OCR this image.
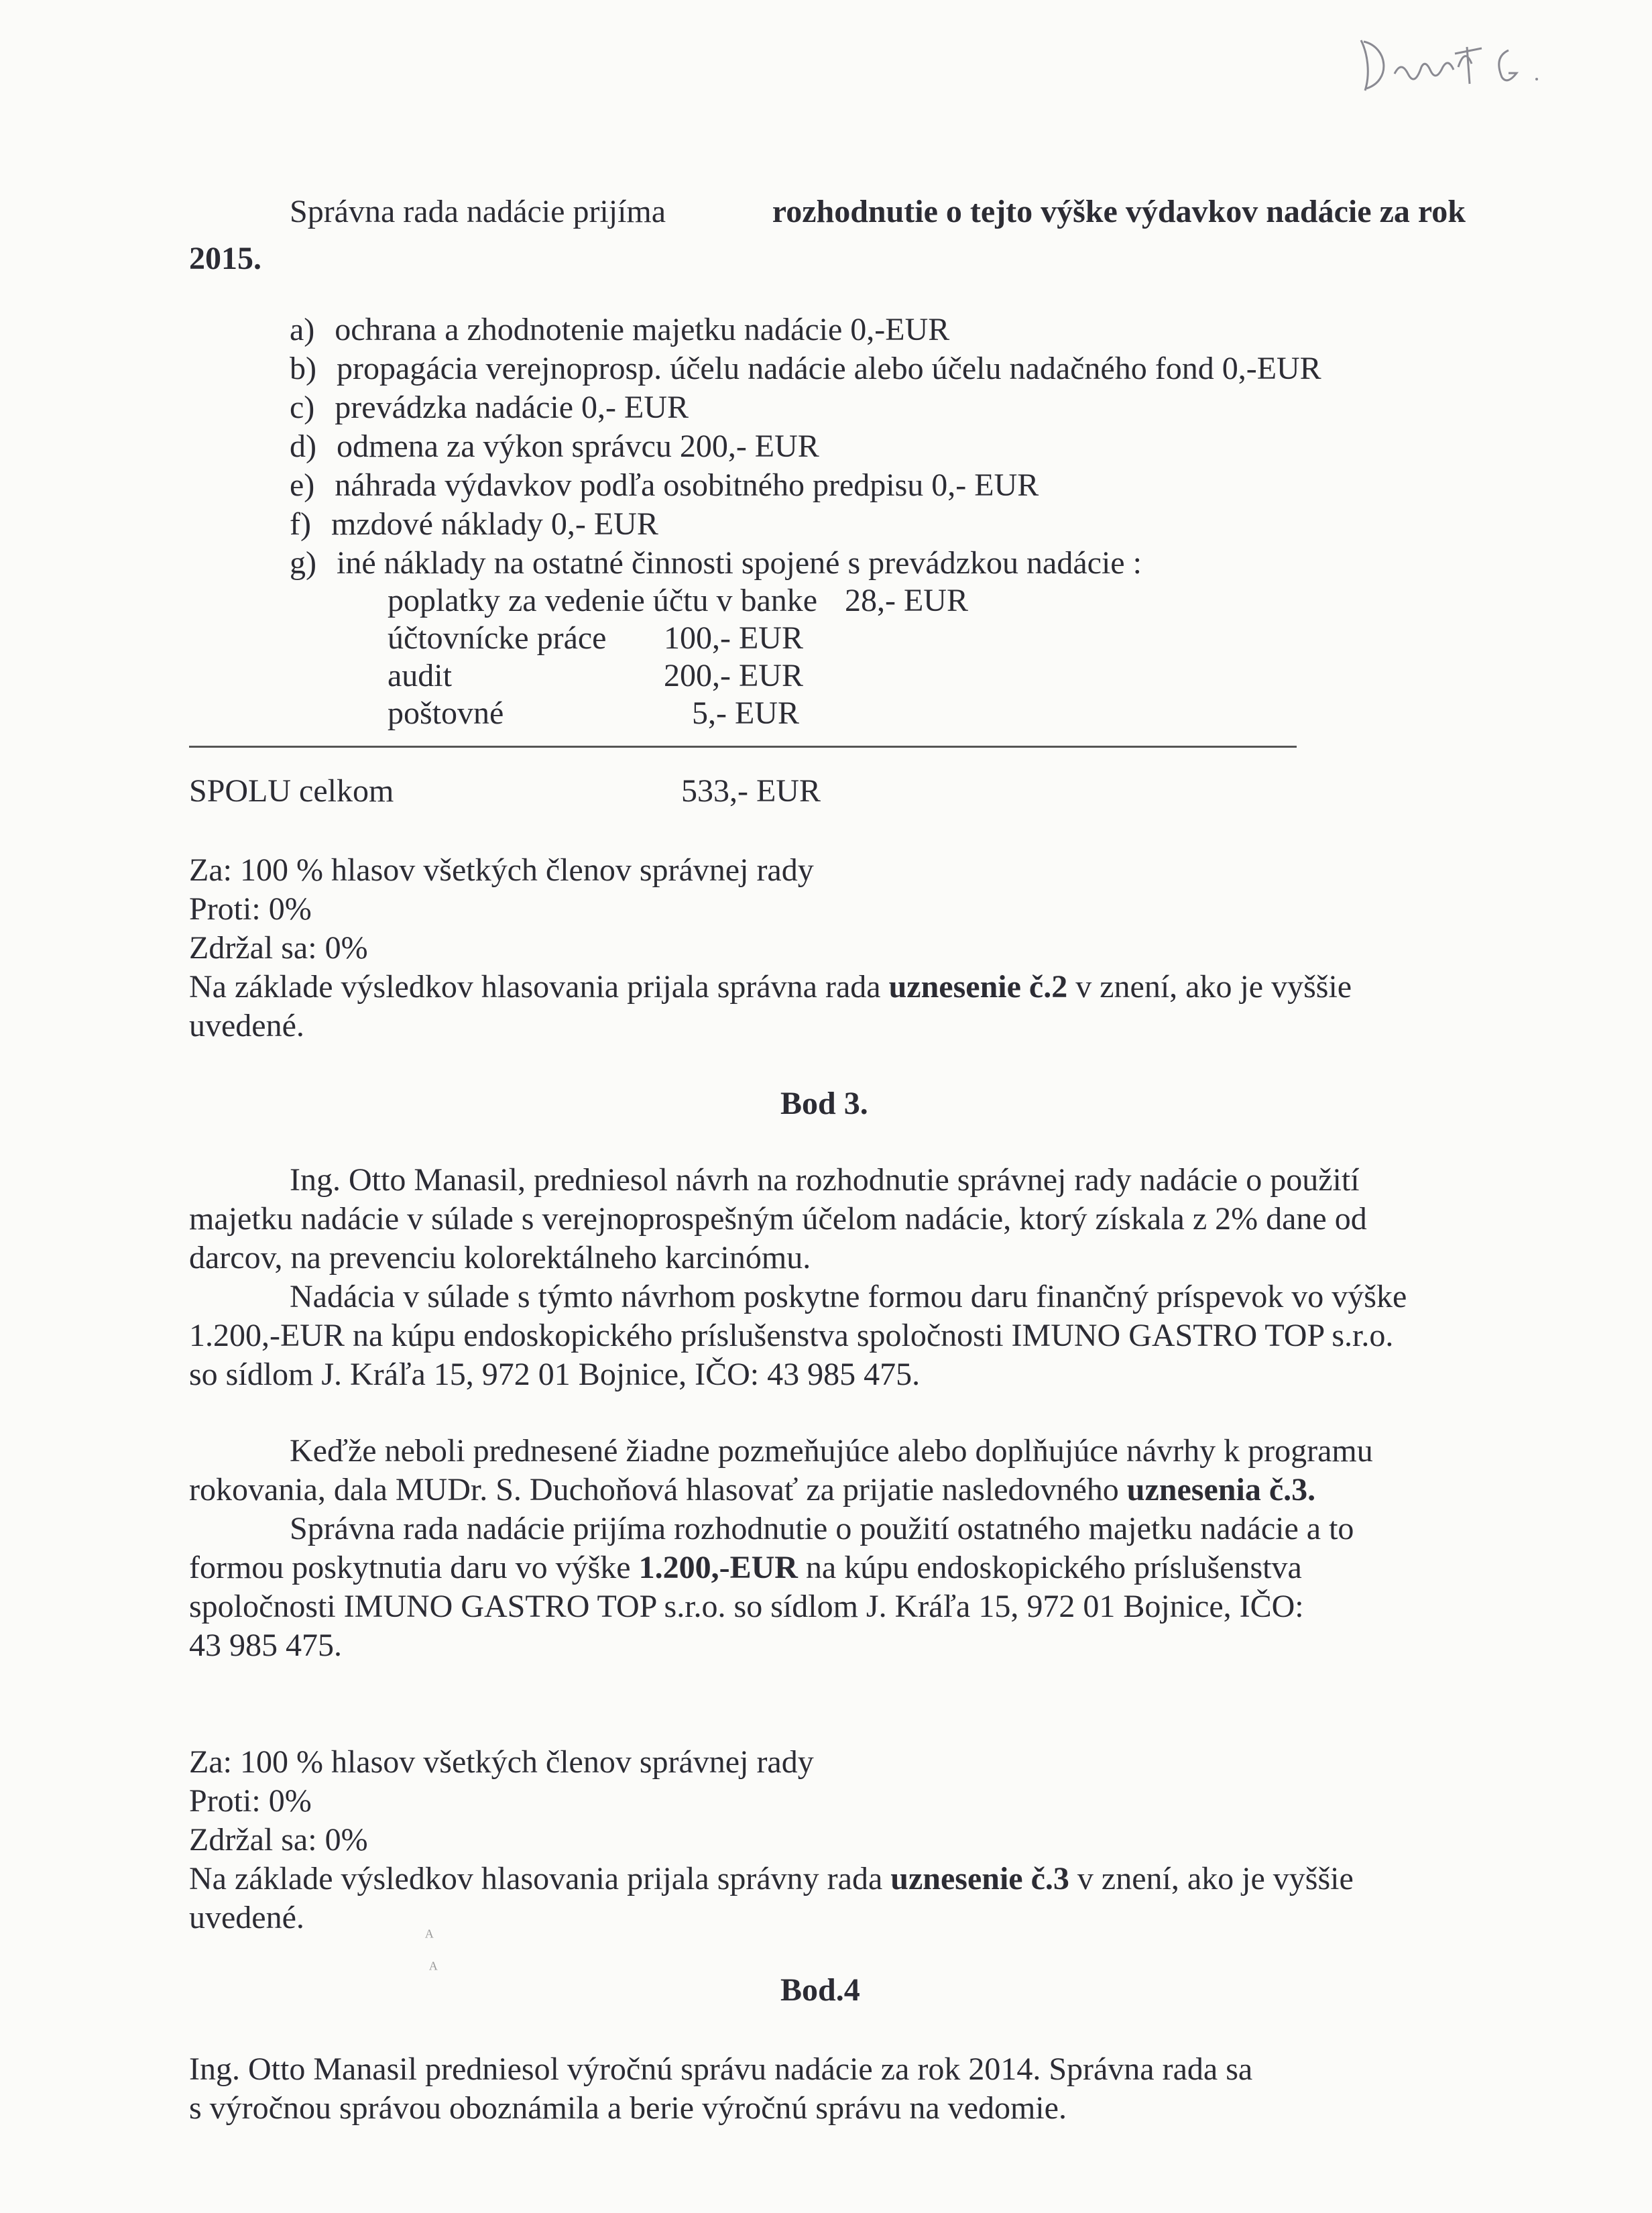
Správna rada nadácie prijíma	rozhodnutie o tejto výške výdavkov nadácie za rok
2015.
a) ochrana a zhodnotenie majetku nadácie 0,-EUR
b) propagácia verejnoprosp. účelu nadácie alebo účelu nadačného fond 0,-EUR
c) prevádzka nadácie 0,- EUR
d) odmena za výkon správcu 200,- EUR
e) náhrada výdavkov podľa osobitného predpisu 0,- EUR
f) mzdové náklady 0,- EUR
g) iné náklady na ostatné činnosti spojené s prevádzkou nadácie :
poplatky za vedenie účtu v banke 28,- EUR
účtovnícke práce 100,- EUR
audit	200,- EUR
poštovné	5,- EUR
SPOLU celkom	533,- EUR
Za: 100 % hlasov všetkých členov správnej rady
Proti: 0%
Zdržal sa: 0%
Na základe výsledkov hlasovania prijala správna rada uznesenie č.2 v znení, ako je vyššie
uvedené.
Bod 3.
Ing. Otto Manasil, predniesol návrh na rozhodnutie správnej rady nadácie o použití
majetku nadácie v súlade s verejnoprospešným účelom nadácie, ktorý získala z 2% dane od
darcov, na prevenciu kolorektálneho karcinómu.
Nadácia v súlade s týmto návrhom poskytne formou daru finančný príspevok vo výške
1.200,-EUR na kúpu endoskopického príslušenstva spoločnosti IMUNO GASTRO TOP s.r.o.
so sídlom J. Kráľa 15, 972 01 Bojnice, IČO: 43 985 475.
Keďže neboli prednesené žiadne pozmeňujúce alebo doplňujúce návrhy k programu
rokovania, dala MUDr. S. Duchoňová hlasovať za prijatie nasledovného uznesenia č.3.
Správna rada nadácie prijíma rozhodnutie o použití ostatného majetku nadácie a to
formou poskytnutia daru vo výške 1.200,-EUR na kúpu endoskopického príslušenstva
spoločnosti IMUNO GASTRO TOP s.r.o. so sídlom J. Kráľa 15, 972 01 Bojnice, IČO:
43 985 475.
Za: 100 % hlasov všetkých členov správnej rady
Proti: 0%
Zdržal sa: 0%
Na základe výsledkov hlasovania prijala správny rada uznesenie č.3 v znení, ako je vyššie
uvedené.
ᴬ
ᴬ
Bod.4
Ing. Otto Manasil predniesol výročnú správu nadácie za rok 2014. Správna rada sa
s výročnou správou oboznámila a berie výročnú správu na vedomie.
